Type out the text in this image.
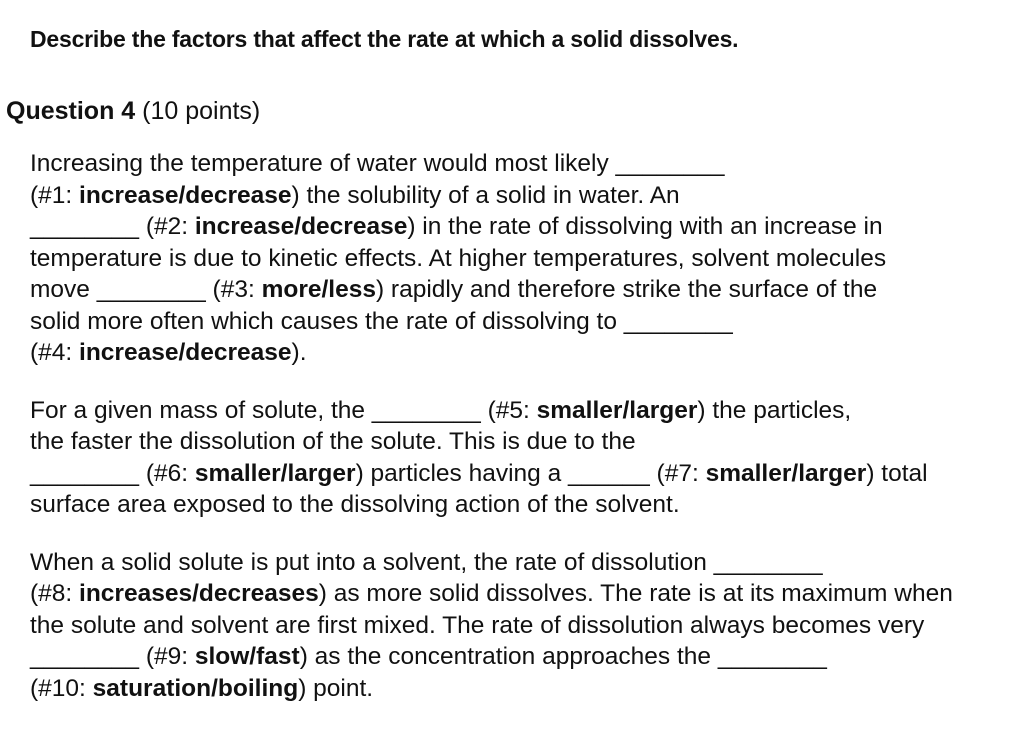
Describe the factors that affect the rate at which a solid dissolves.
Question 4 (10 points)
Increasing the temperature of water would most likely ________
(#1: increase/decrease) the solubility of a solid in water. An
________ (#2: increase/decrease) in the rate of dissolving with an increase in
temperature is due to kinetic effects. At higher temperatures, solvent molecules
move ________ (#3: more/less) rapidly and therefore strike the surface of the
solid more often which causes the rate of dissolving to ________
(#4: increase/decrease).
For a given mass of solute, the ________ (#5: smaller/larger) the particles,
the faster the dissolution of the solute. This is due to the
________ (#6: smaller/larger) particles having a ______ (#7: smaller/larger) total
surface area exposed to the dissolving action of the solvent.
When a solid solute is put into a solvent, the rate of dissolution ________
(#8: increases/decreases) as more solid dissolves. The rate is at its maximum when
the solute and solvent are first mixed. The rate of dissolution always becomes very
________ (#9: slow/fast) as the concentration approaches the ________
(#10: saturation/boiling) point.
